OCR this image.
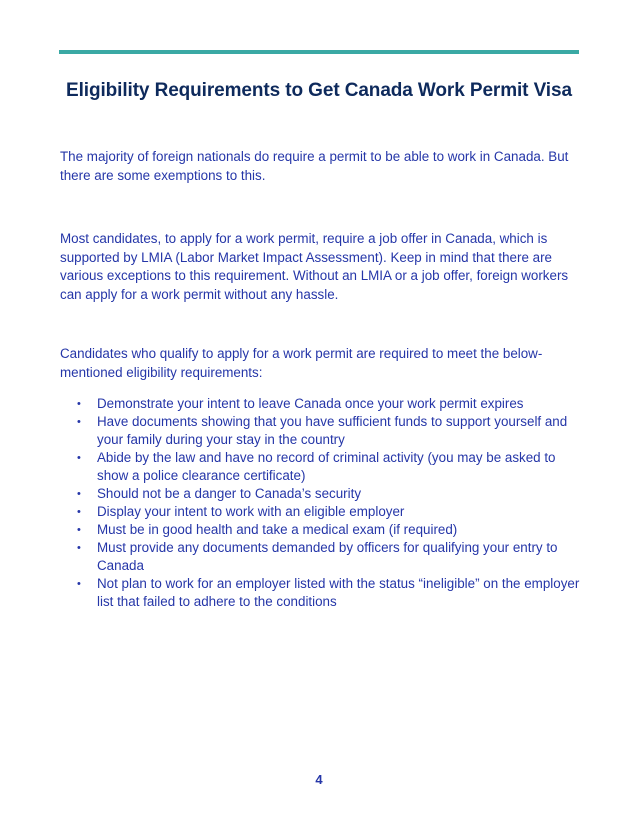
Eligibility Requirements to Get Canada Work Permit Visa

The majority of foreign nationals do require a permit to be able to work in Canada. But there are some exemptions to this.

Most candidates, to apply for a work permit, require a job offer in Canada, which is supported by LMIA (Labor Market Impact Assessment). Keep in mind that there are various exceptions to this requirement. Without an LMIA or a job offer, foreign workers can apply for a work permit without any hassle.

Candidates who qualify to apply for a work permit are required to meet the below-mentioned eligibility requirements:

• Demonstrate your intent to leave Canada once your work permit expires
• Have documents showing that you have sufficient funds to support yourself and your family during your stay in the country
• Abide by the law and have no record of criminal activity (you may be asked to show a police clearance certificate)
• Should not be a danger to Canada’s security
• Display your intent to work with an eligible employer
• Must be in good health and take a medical exam (if required)
• Must provide any documents demanded by officers for qualifying your entry to Canada
• Not plan to work for an employer listed with the status “ineligible” on the employer list that failed to adhere to the conditions
4
